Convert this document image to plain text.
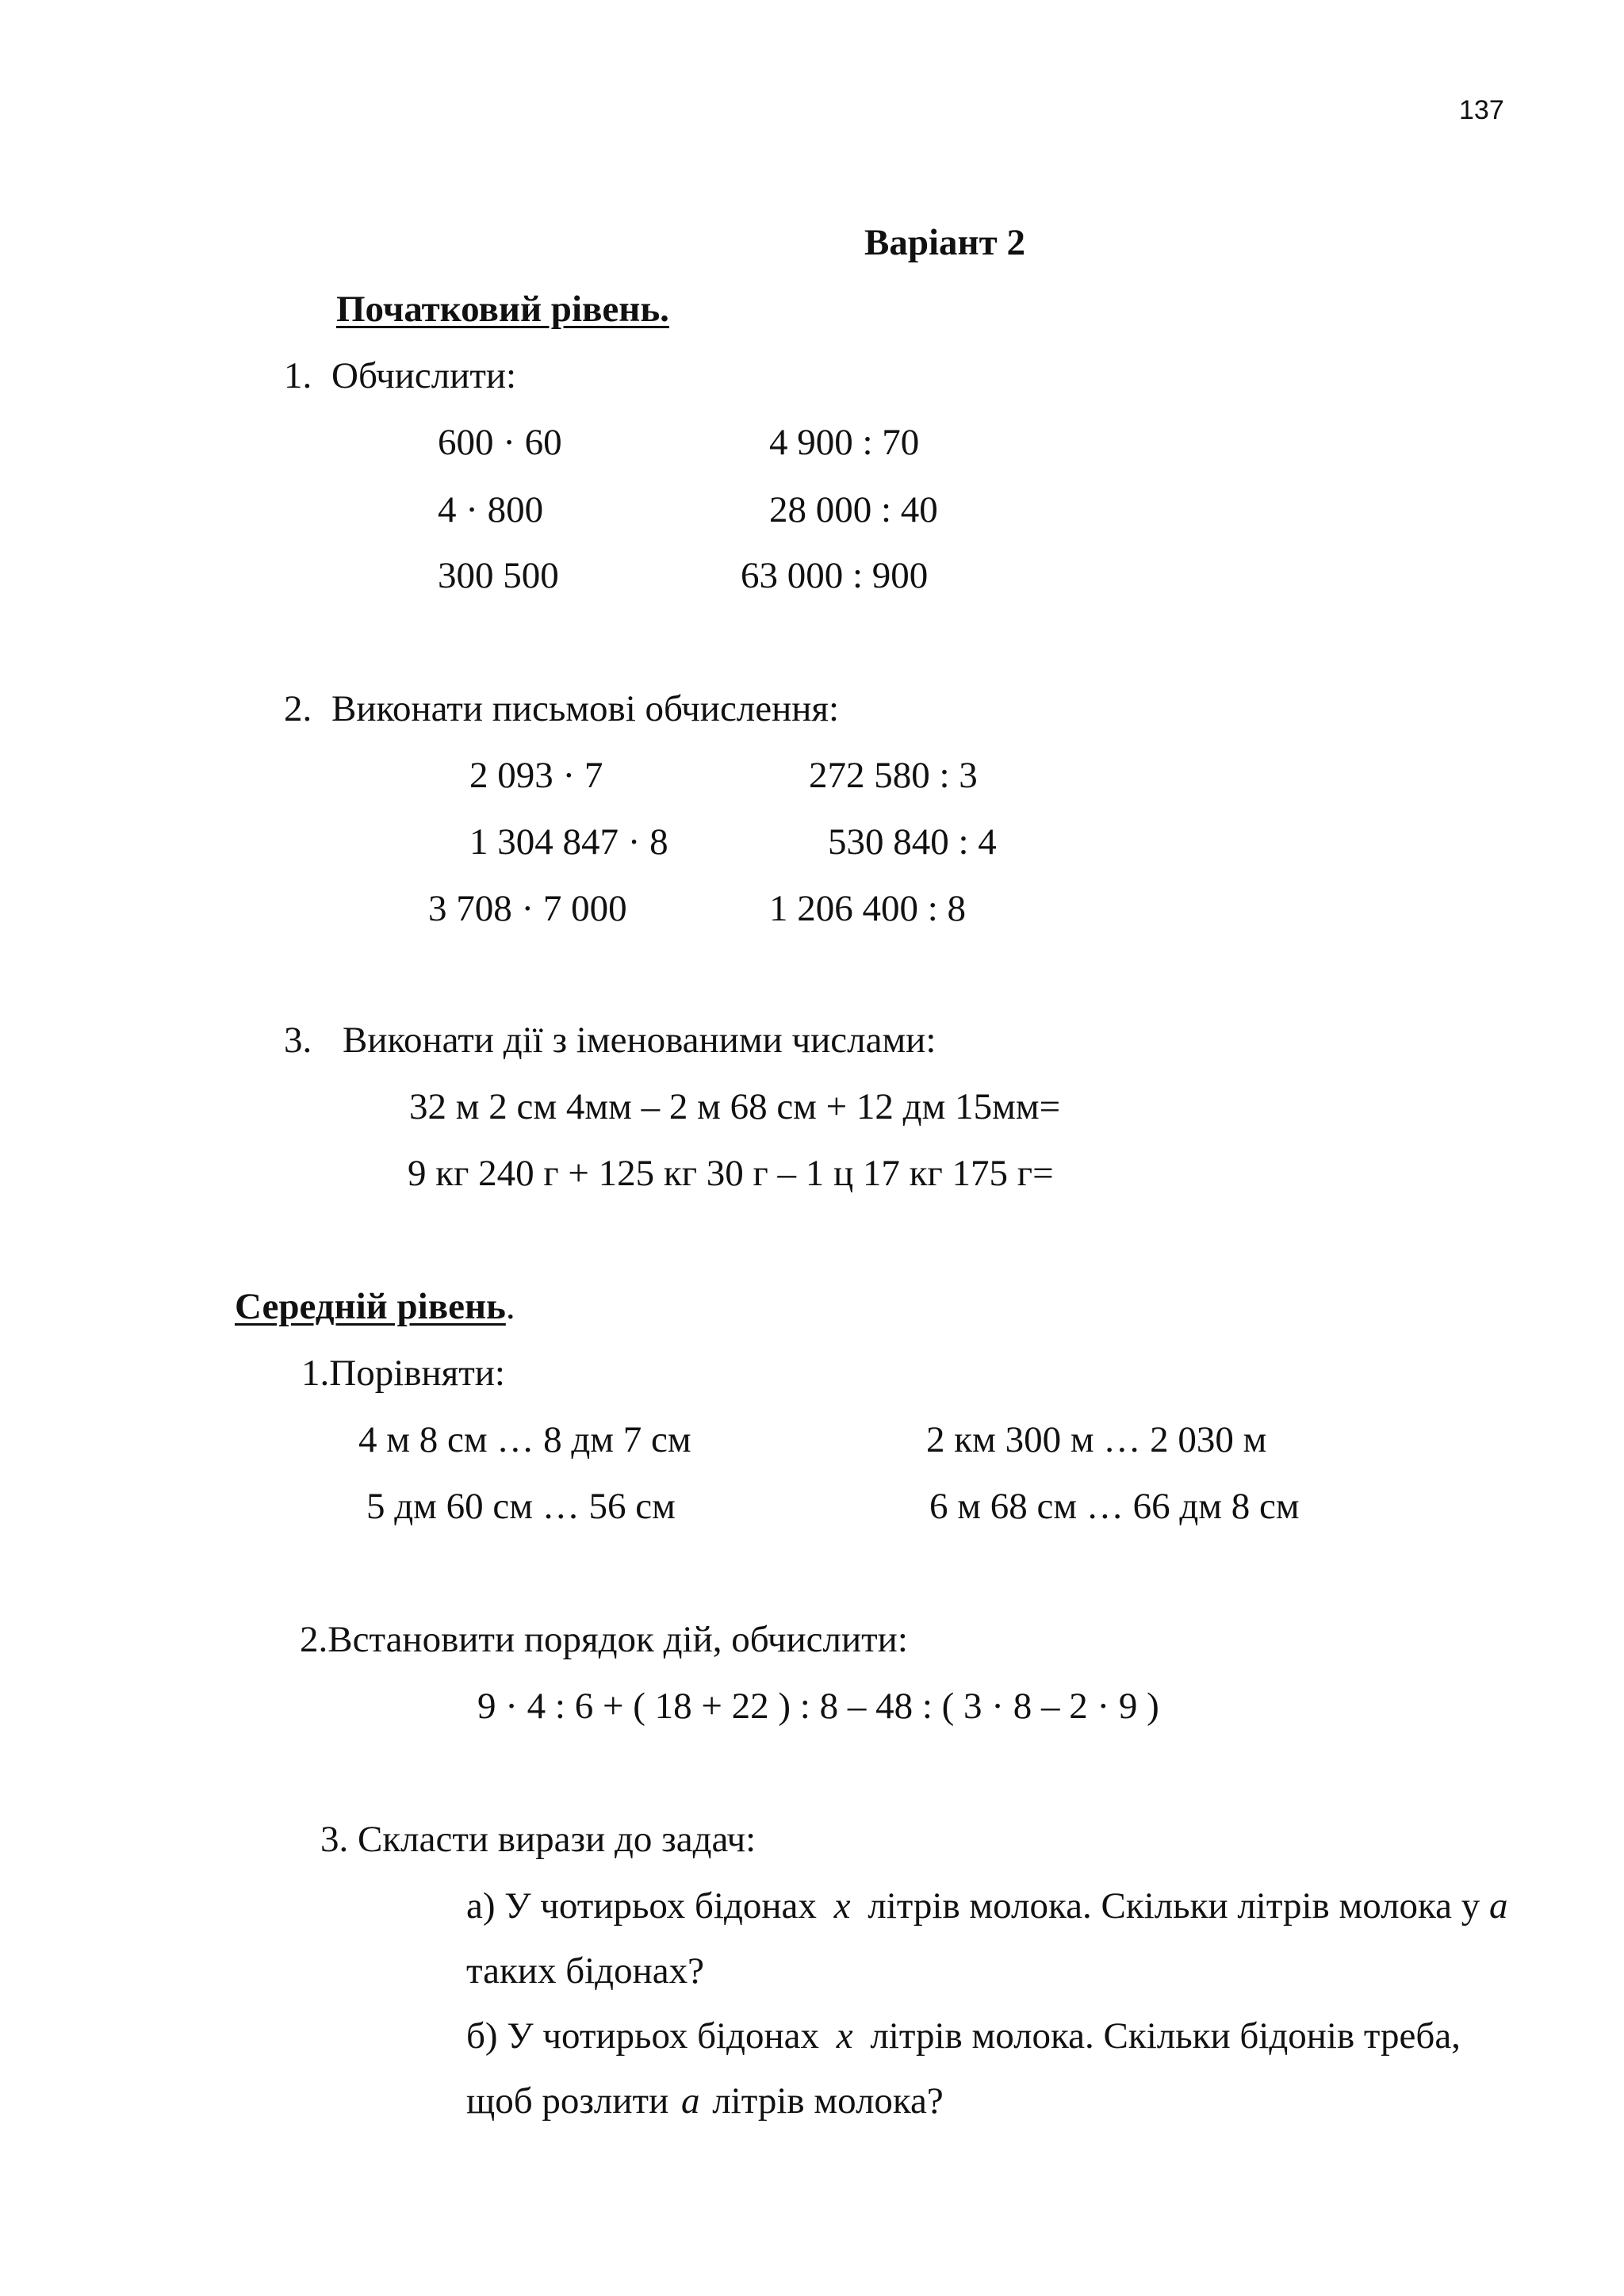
137
Варіант 2
Початковий рівень.
1. Обчислити:
600 · 60	4 900 : 70
4 · 800	28 000 : 40
300 500	63 000 : 900
2. Виконати письмові обчислення:
2 093 · 7	272 580 : 3
1 304 847 · 8	530 840 : 4
3 708 · 7 000	1 206 400 : 8
3. Виконати дії з іменованими числами:
32 м 2 см 4мм – 2 м 68 см + 12 дм 15мм=
9 кг 240 г + 125 кг 30 г – 1 ц 17 кг 175 г=
Середній рівень.
1.Порівняти:
4 м 8 см … 8 дм 7 см	2 км 300 м … 2 030 м
5 дм 60 см … 56 см	6 м 68 см … 66 дм 8 см
2.Встановити порядок дій, обчислити:
9 · 4 : 6 + ( 18 + 22 ) : 8 – 48 : ( 3 · 8 – 2 · 9 )
3. Скласти вирази до задач:
а) У чотирьох бідонах x літрів молока. Скільки літрів молока у a
таких бідонах?
б) У чотирьох бідонах x літрів молока. Скільки бідонів треба,
щоб розлити a літрів молока?
